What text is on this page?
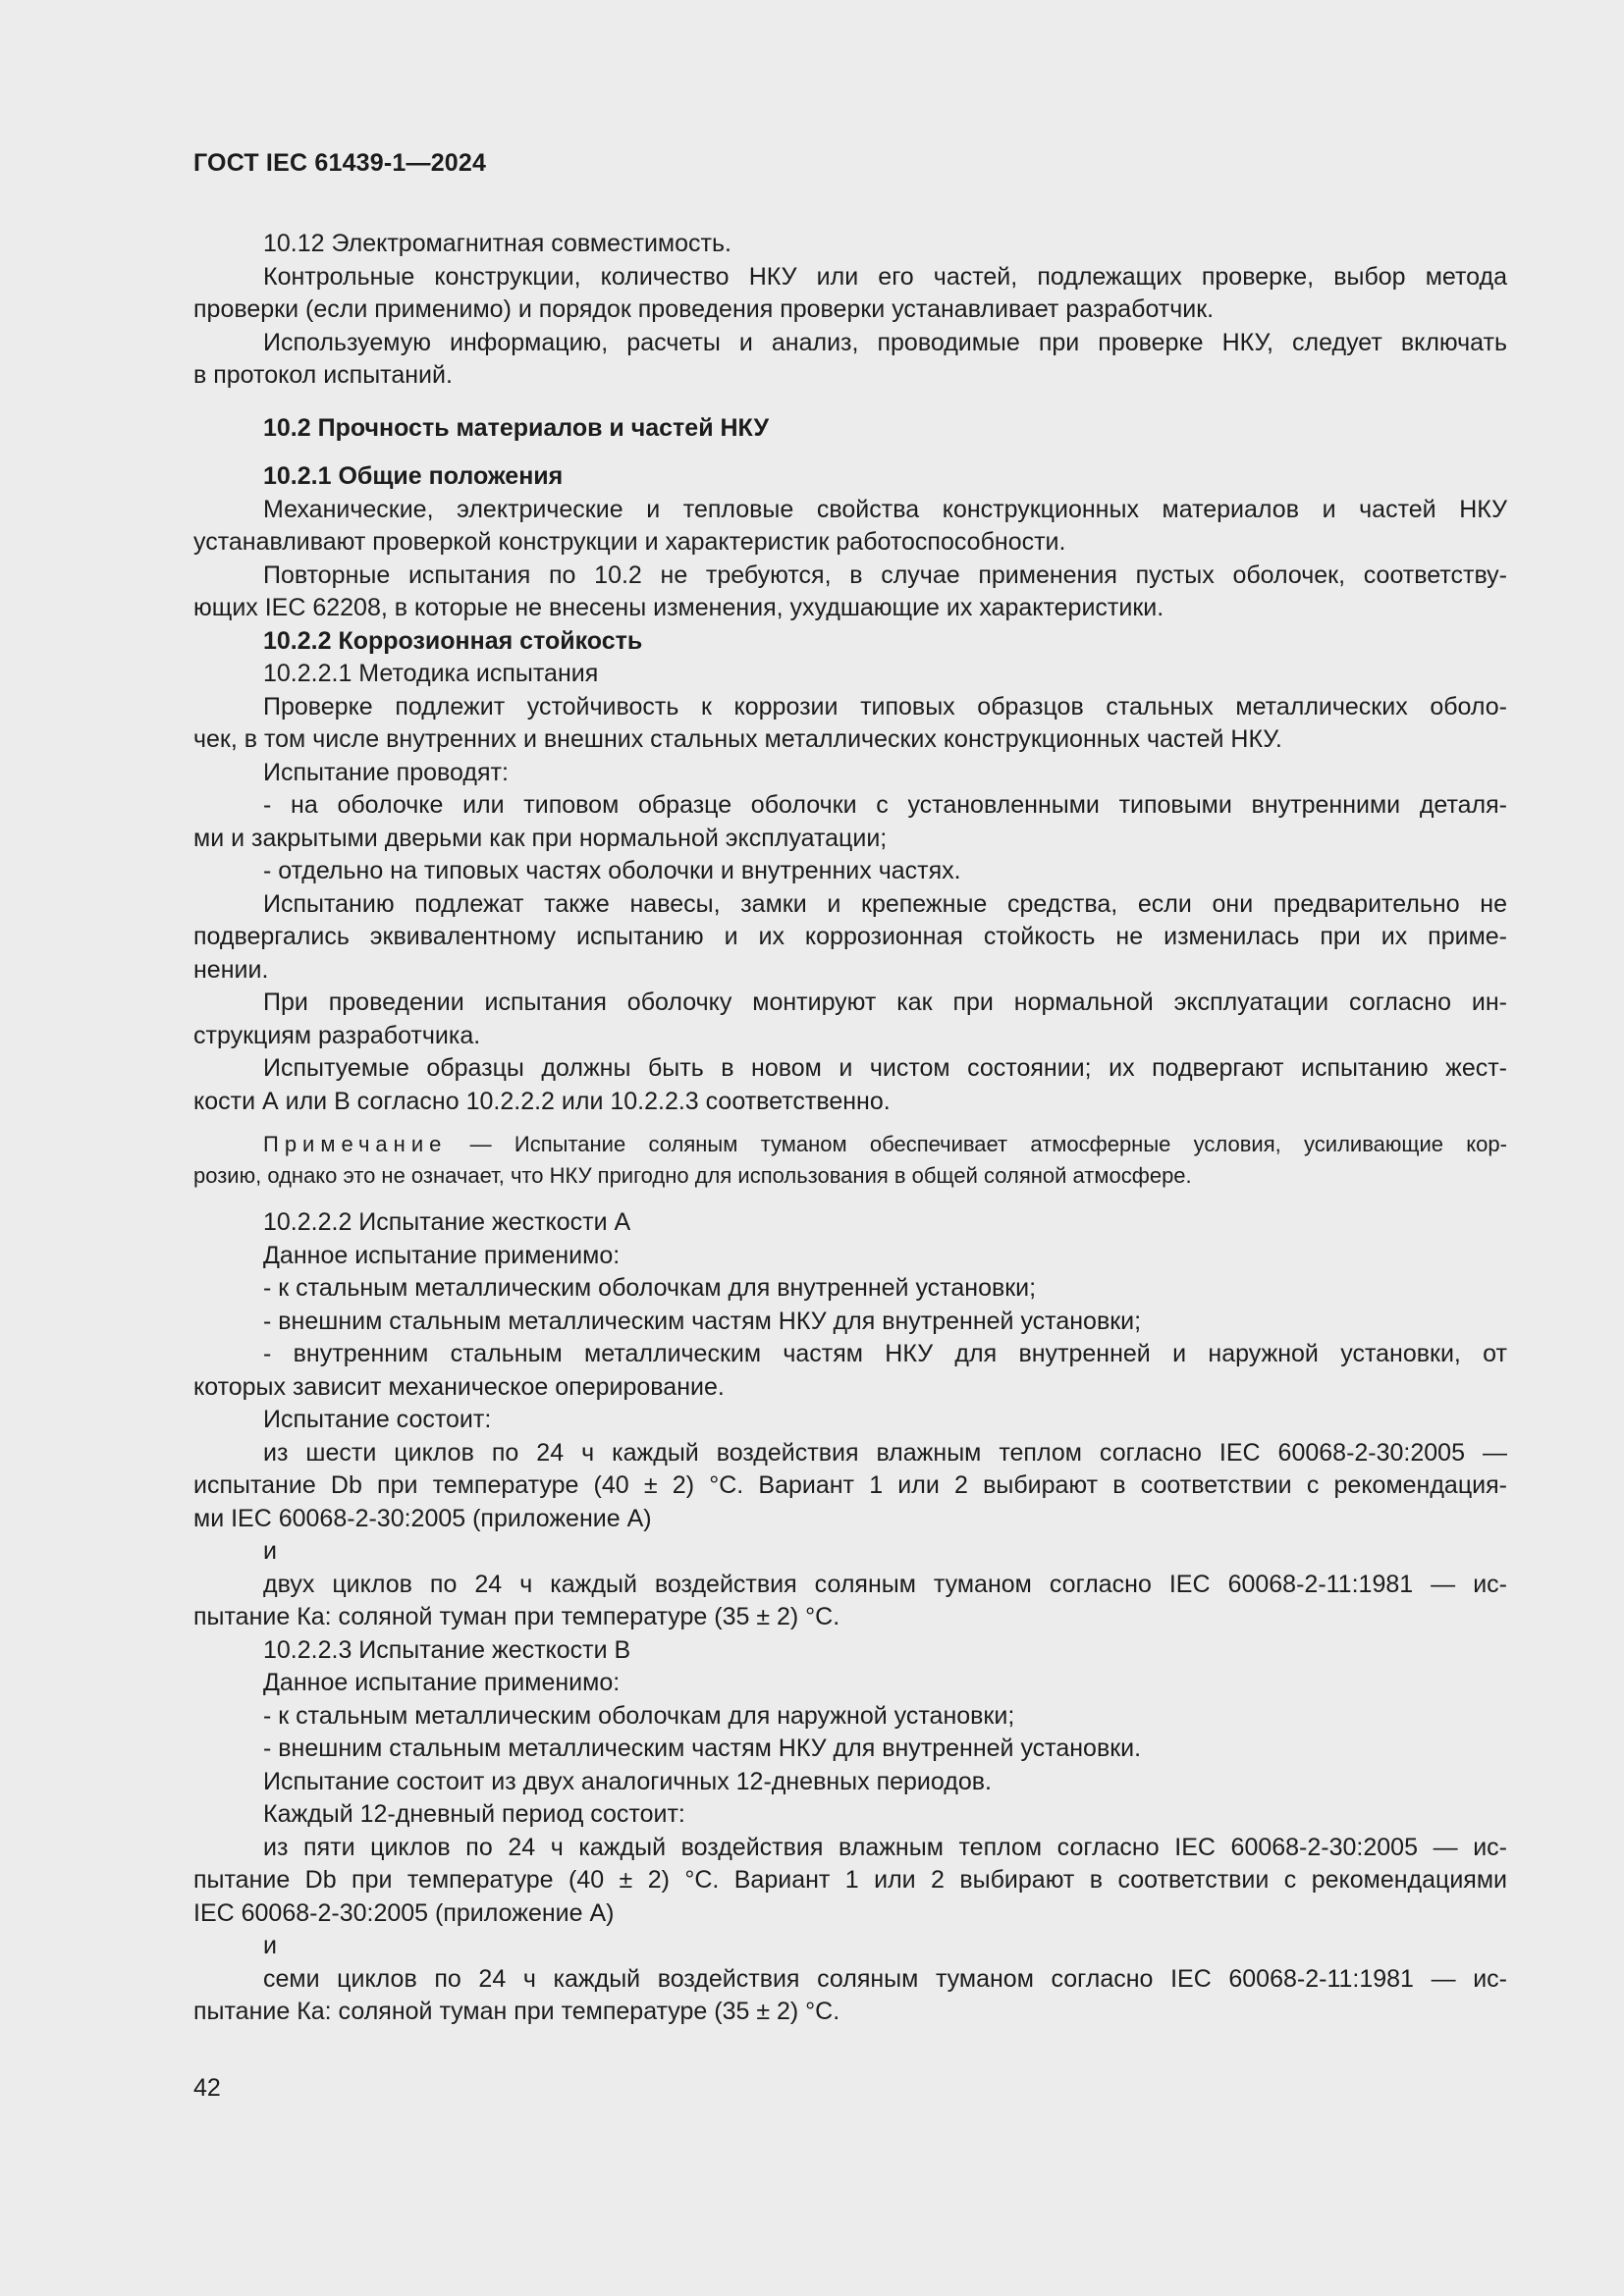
ГОСТ IEC 61439-1—2024
10.12 Электромагнитная совместимость.
Контрольные конструкции, количество НКУ или его частей, подлежащих проверке, выбор метода
проверки (если применимо) и порядок проведения проверки устанавливает разработчик.
Используемую информацию, расчеты и анализ, проводимые при проверке НКУ, следует включать
в протокол испытаний.
10.2 Прочность материалов и частей НКУ
10.2.1 Общие положения
Механические, электрические и тепловые свойства конструкционных материалов и частей НКУ
устанавливают проверкой конструкции и характеристик работоспособности.
Повторные испытания по 10.2 не требуются, в случае применения пустых оболочек, соответству-
ющих IEC 62208, в которые не внесены изменения, ухудшающие их характеристики.
10.2.2 Коррозионная стойкость
10.2.2.1 Методика испытания
Проверке подлежит устойчивость к коррозии типовых образцов стальных металлических оболо-
чек, в том числе внутренних и внешних стальных металлических конструкционных частей НКУ.
Испытание проводят:
- на оболочке или типовом образце оболочки с установленными типовыми внутренними деталя-
ми и закрытыми дверьми как при нормальной эксплуатации;
- отдельно на типовых частях оболочки и внутренних частях.
Испытанию подлежат также навесы, замки и крепежные средства, если они предварительно не
подвергались эквивалентному испытанию и их коррозионная стойкость не изменилась при их приме-
нении.
При проведении испытания оболочку монтируют как при нормальной эксплуатации согласно ин-
струкциям разработчика.
Испытуемые образцы должны быть в новом и чистом состоянии; их подвергают испытанию жест-
кости А или В согласно 10.2.2.2 или 10.2.2.3 соответственно.
Примечание — Испытание соляным туманом обеспечивает атмосферные условия, усиливающие кор-
розию, однако это не означает, что НКУ пригодно для использования в общей соляной атмосфере.
10.2.2.2 Испытание жесткости А
Данное испытание применимо:
- к стальным металлическим оболочкам для внутренней установки;
- внешним стальным металлическим частям НКУ для внутренней установки;
- внутренним стальным металлическим частям НКУ для внутренней и наружной установки, от
которых зависит механическое оперирование.
Испытание состоит:
из шести циклов по 24 ч каждый воздействия влажным теплом согласно IEC 60068-2-30:2005 —
испытание Db при температуре (40 ± 2) °C. Вариант 1 или 2 выбирают в соответствии с рекомендация-
ми IEC 60068-2-30:2005 (приложение А)
и
двух циклов по 24 ч каждый воздействия соляным туманом согласно IEC 60068-2-11:1981 — ис-
пытание Ка: соляной туман при температуре (35 ± 2) °C.
10.2.2.3 Испытание жесткости В
Данное испытание применимо:
- к стальным металлическим оболочкам для наружной установки;
- внешним стальным металлическим частям НКУ для внутренней установки.
Испытание состоит из двух аналогичных 12-дневных периодов.
Каждый 12-дневный период состоит:
из пяти циклов по 24 ч каждый воздействия влажным теплом согласно IEC 60068-2-30:2005 — ис-
пытание Db при температуре (40 ± 2) °C. Вариант 1 или 2 выбирают в соответствии с рекомендациями
IEC 60068-2-30:2005 (приложение А)
и
семи циклов по 24 ч каждый воздействия соляным туманом согласно IEC 60068-2-11:1981 — ис-
пытание Ка: соляной туман при температуре (35 ± 2) °C.
42
